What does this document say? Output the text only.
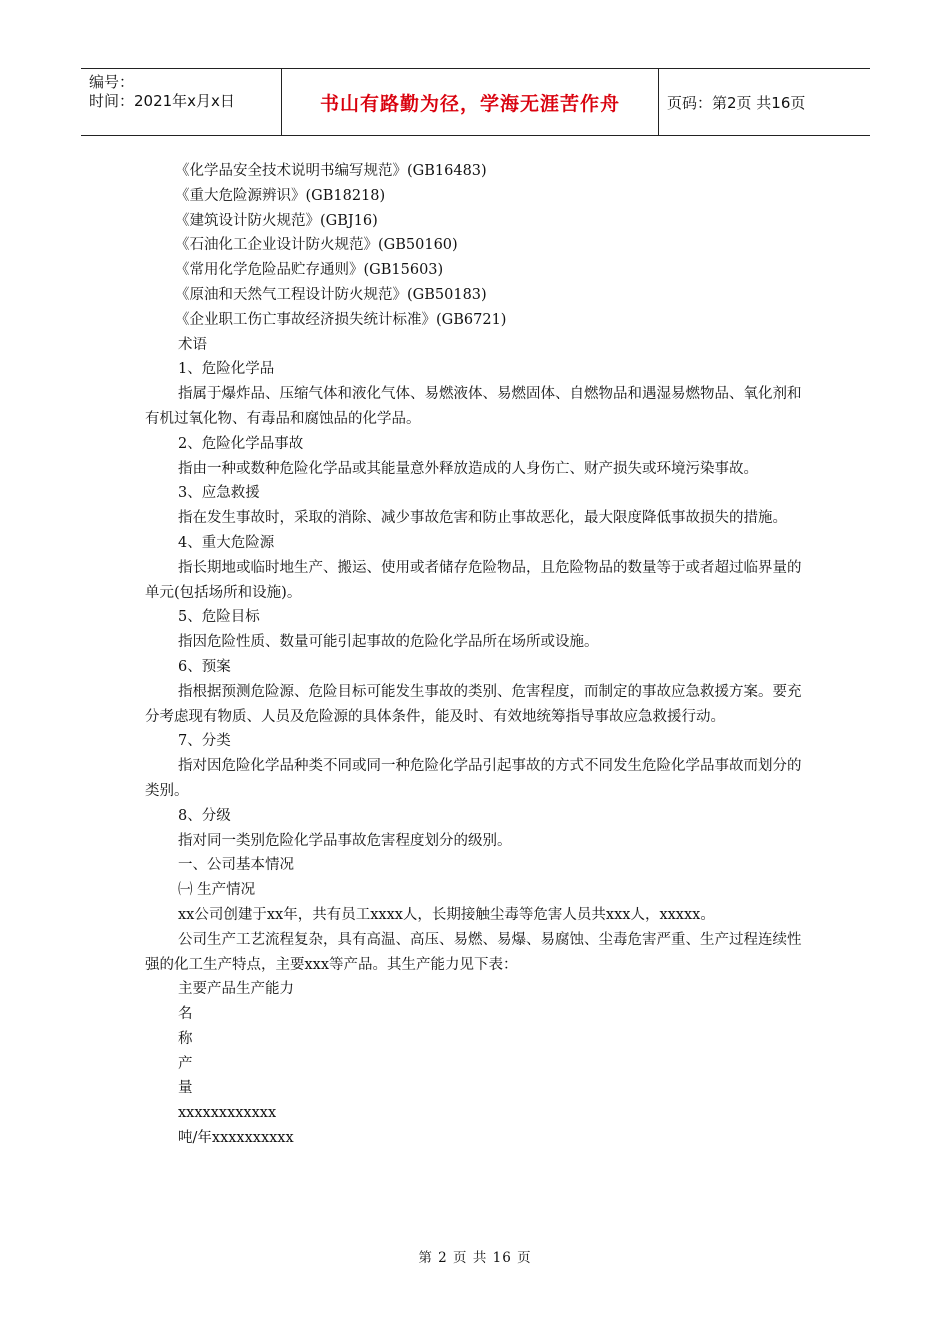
编号：
时间：2021年x月x日	书山有路勤为径，学海无涯苦作舟	页码：第2页 共16页

《化学品安全技术说明书编写规范》(GB16483)

《重大危险源辨识》(GB18218)

《建筑设计防火规范》(GBJ16)

《石油化工企业设计防火规范》(GB50160)

《常用化学危险品贮存通则》(GB15603)

《原油和天然气工程设计防火规范》(GB50183)

《企业职工伤亡事故经济损失统计标准》(GB6721)

术语

1、危险化学品

指属于爆炸品、压缩气体和液化气体、易燃液体、易燃固体、自燃物品和遇湿易燃物品、氧化剂和有机过氧化物、有毒品和腐蚀品的化学品。

2、危险化学品事故

指由一种或数种危险化学品或其能量意外释放造成的人身伤亡、财产损失或环境污染事故。

3、应急救援

指在发生事故时，采取的消除、减少事故危害和防止事故恶化，最大限度降低事故损失的措施。

4、重大危险源

指长期地或临时地生产、搬运、使用或者储存危险物品，且危险物品的数量等于或者超过临界量的单元(包括场所和设施)。

5、危险目标

指因危险性质、数量可能引起事故的危险化学品所在场所或设施。

6、预案

指根据预测危险源、危险目标可能发生事故的类别、危害程度，而制定的事故应急救援方案。要充分考虑现有物质、人员及危险源的具体条件，能及时、有效地统筹指导事故应急救援行动。

7、分类

指对因危险化学品种类不同或同一种危险化学品引起事故的方式不同发生危险化学品事故而划分的类别。

8、分级

指对同一类别危险化学品事故危害程度划分的级别。

一、公司基本情况

㈠ 生产情况

xx公司创建于xx年，共有员工xxxx人，长期接触尘毒等危害人员共xxx人，xxxxx。

公司生产工艺流程复杂，具有高温、高压、易燃、易爆、易腐蚀、尘毒危害严重、生产过程连续性强的化工生产特点，主要xxx等产品。其生产能力见下表：

主要产品生产能力

名

称

产

量

xxxxxxxxxxxx

吨/年xxxxxxxxxx

第 2 页 共 16 页
